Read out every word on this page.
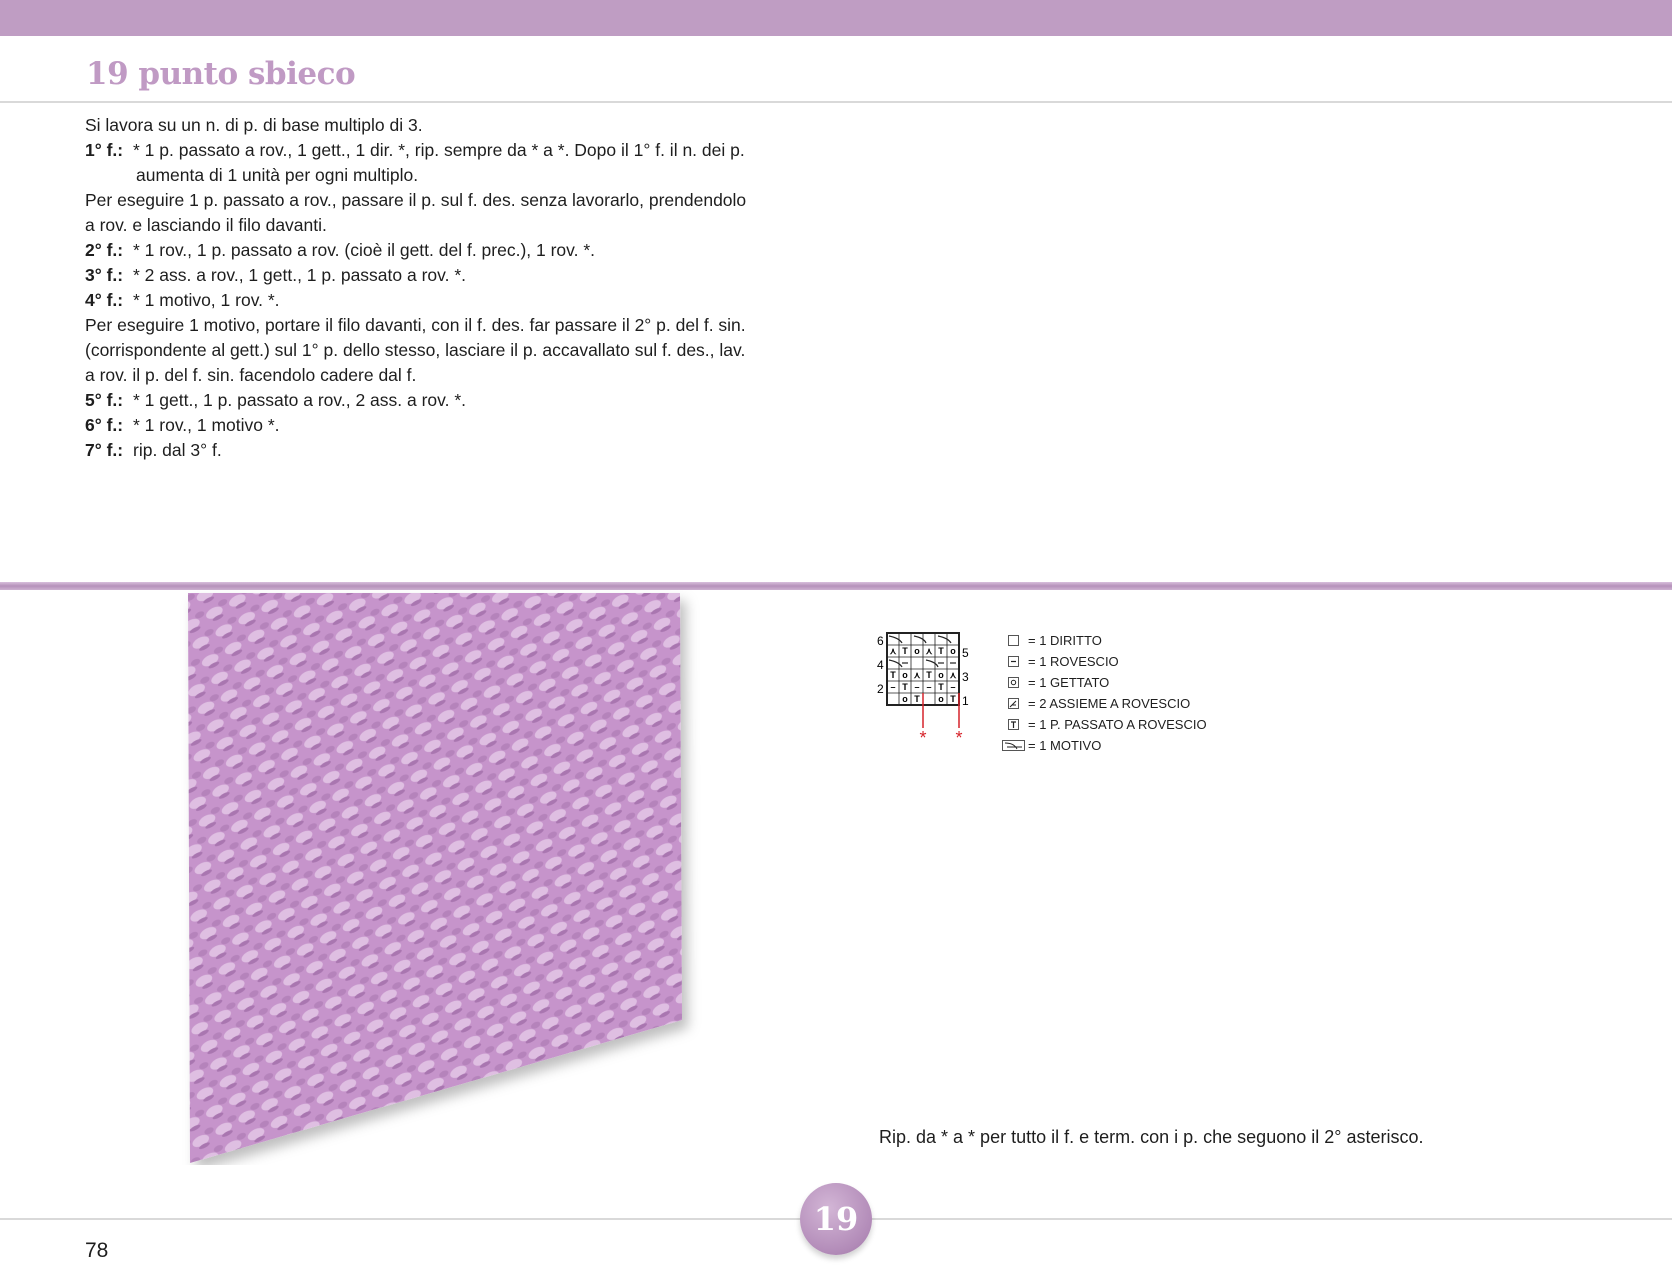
19 punto sbieco

Si lavora su un n. di p. di base multiplo di 3.

1° f.: * 1 p. passato a rov., 1 gett., 1 dir. *, rip. sempre da * a *. Dopo il 1° f. il n. dei p.

aumenta di 1 unità per ogni multiplo.

Per eseguire 1 p. passato a rov., passare il p. sul f. des. senza lavorarlo, prendendolo

a rov. e lasciando il filo davanti.

2° f.: * 1 rov., 1 p. passato a rov. (cioè il gett. del f. prec.), 1 rov. *.

3° f.: * 2 ass. a rov., 1 gett., 1 p. passato a rov. *.

4° f.: * 1 motivo, 1 rov. *.

Per eseguire 1 motivo, portare il filo davanti, con il f. des. far passare il 2° p. del f. sin.

(corrispondente al gett.) sul 1° p. dello stesso, lasciare il p. accavallato sul f. des., lav.

a rov. il p. del f. sin. facendolo cadere dal f.

5° f.: * 1 gett., 1 p. passato a rov., 2 ass. a rov. *.

6° f.: * 1 rov., 1 motivo *.

7° f.: rip. dal 3° f.

6
4
2
5
3
1
⋏ T o ⋏ T o
T o ⋏ T o ⋏
– T – – T –
o T o T
* *
= 1 DIRITTO
= 1 ROVESCIO
= 1 GETTATO
= 2 ASSIEME A ROVESCIO
= 1 P. PASSATO A ROVESCIO
= 1 MOTIVO
Rip. da * a * per tutto il f. e term. con i p. che seguono il 2° asterisco.
19
78
